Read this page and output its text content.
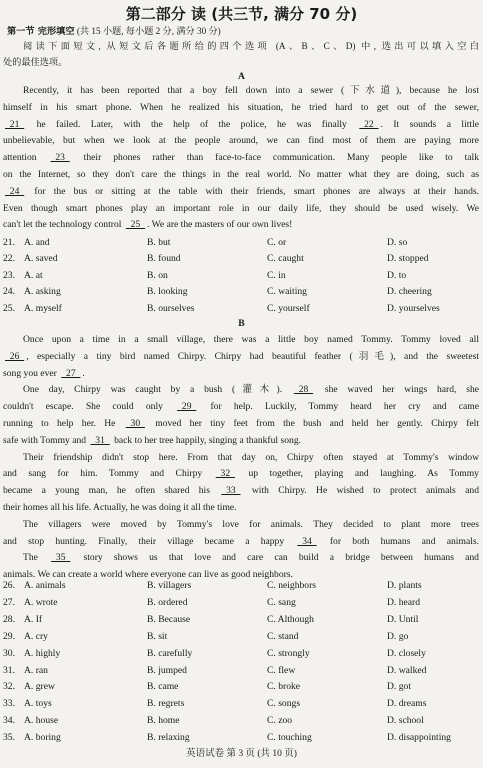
第二部分 读 (共三节, 满分 70 分)
第一节 完形填空 (共 15 小题, 每小题 2 分, 满分 30 分)
阅读下面短文, 从短文后各题所给的四个选项 (A、B、C、D) 中, 选出可以填入空白
处的最佳选项。
A
Recently, it has been reported that a boy fell down into a sewer (下水道), because he lost
himself in his smart phone. When he realized his situation, he tried hard to get out of the sewer,
 21  he failed. Later, with the help of the police, he was finally  22 . It sounds a little
unbelievable, but when we look at the people around, we can find most of them are paying more
attention  23  their phones rather than face-to-face communication. Many people like to talk
on the Internet, so they don't care the things in the real world. No matter what they are doing, such as
 24  for the bus or sitting at the table with their friends, smart phones are always at their hands.
Even though smart phones play an important role in our daily life, they should be used wisely. We
can't let the technology control  25 . We are the masters of our own lives!
21. A. and	B. but	C. or	D. so
22. A. saved	B. found	C. caught	D. stopped
23. A. at	B. on	C. in	D. to
24. A. asking	B. looking	C. waiting	D. cheering
25. A. myself	B. ourselves	C. yourself	D. yourselves
B
Once upon a time in a small village, there was a little boy named Tommy. Tommy loved all
 26 , especially a tiny bird named Chirpy. Chirpy had beautiful feather (羽毛), and the sweetest
song you ever  27 .
One day, Chirpy was caught by a bush (灌木).  28  she waved her wings hard, she
couldn't escape. She could only  29  for help. Luckily, Tommy heard her cry and came
running to help her. He  30  moved her tiny feet from the bush and held her gently. Chirpy felt
safe with Tommy and  31  back to her tree happily, singing a thankful song.
Their friendship didn't stop here. From that day on, Chirpy often stayed at Tommy's window
and sang for him. Tommy and Chirpy  32  up together, playing and laughing. As Tommy
became a young man, he often shared his  33  with Chirpy. He wished to protect animals and
their homes all his life. Actually, he was doing it all the time.
The villagers were moved by Tommy's love for animals. They decided to plant more trees
and stop hunting. Finally, their village became a happy  34  for both humans and animals.
The  35  story shows us that love and care can build a bridge between humans and
animals. We can create a world where everyone can live as good neighbors.
26. A. animals	B. villagers	C. neighbors	D. plants
27. A. wrote	B. ordered	C. sang	D. heard
28. A. If	B. Because	C. Although	D. Until
29. A. cry	B. sit	C. stand	D. go
30. A. highly	B. carefully	C. strongly	D. closely
31. A. ran	B. jumped	C. flew	D. walked
32. A. grew	B. came	C. broke	D. got
33. A. toys	B. regrets	C. songs	D. dreams
34. A. house	B. home	C. zoo	D. school
35. A. boring	B. relaxing	C. touching	D. disappointing
英语试卷 第 3 页 (共 10 页)
